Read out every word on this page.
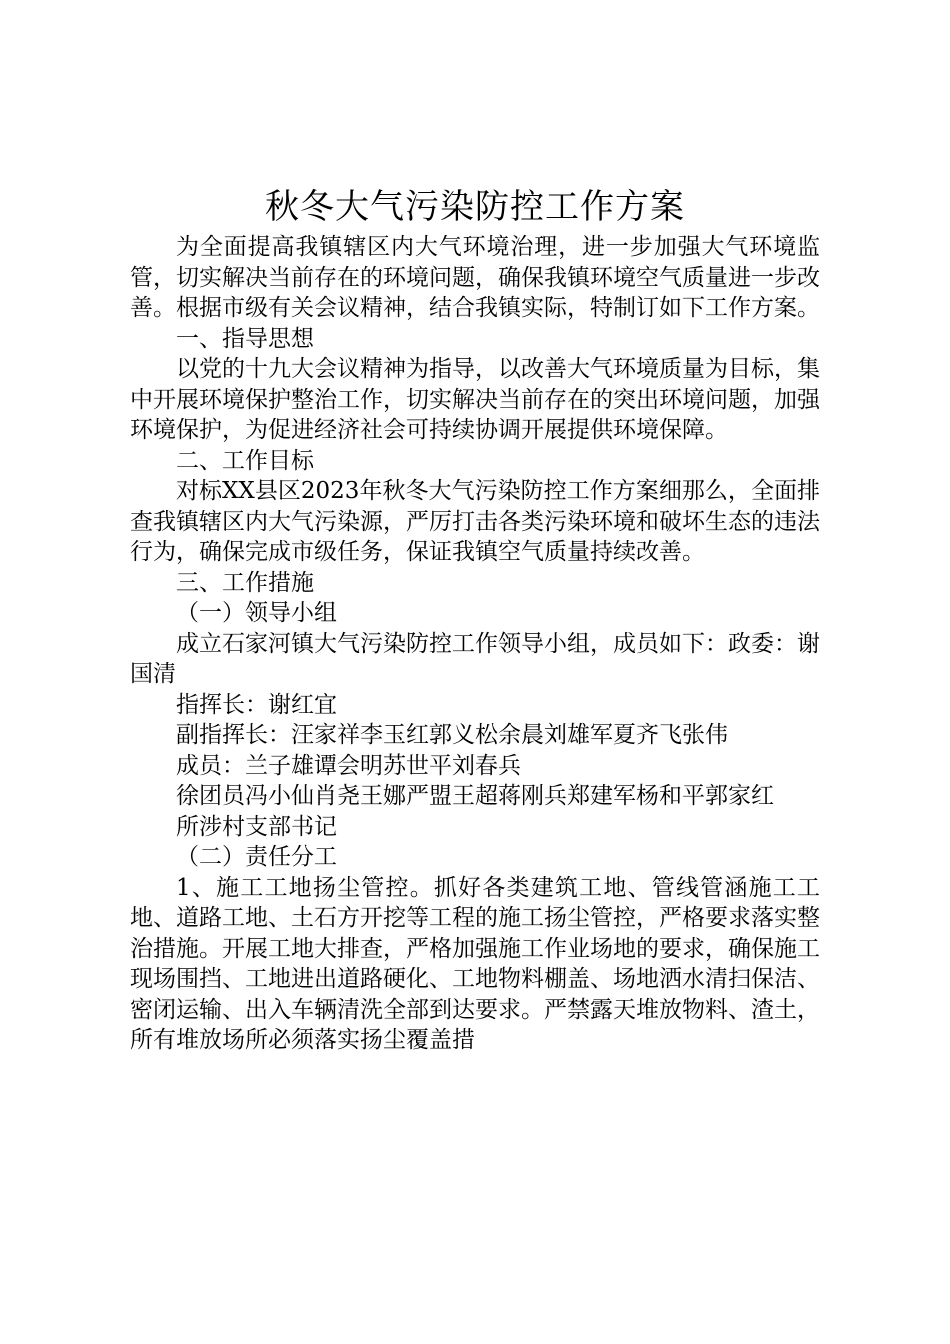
秋冬大气污染防控工作方案

为全面提高我镇辖区内大气环境治理，进一步加强大气环境监管，切实解决当前存在的环境问题，确保我镇环境空气质量进一步改善。根据市级有关会议精神，结合我镇实际，特制订如下工作方案。

一、指导思想

以党的十九大会议精神为指导，以改善大气环境质量为目标，集中开展环境保护整治工作，切实解决当前存在的突出环境问题，加强环境保护，为促进经济社会可持续协调开展提供环境保障。

二、工作目标

对标XX县区2023年秋冬大气污染防控工作方案细那么，全面排查我镇辖区内大气污染源，严厉打击各类污染环境和破坏生态的违法行为，确保完成市级任务，保证我镇空气质量持续改善。

三、工作措施

（一）领导小组

成立石家河镇大气污染防控工作领导小组，成员如下：政委：谢国清

指挥长：谢红宜

副指挥长：汪家祥李玉红郭义松余晨刘雄军夏齐飞张伟

成员：兰子雄谭会明苏世平刘春兵

徐团员冯小仙肖尧王娜严盟王超蒋刚兵郑建军杨和平郭家红

所涉村支部书记

（二）责任分工

1、施工工地扬尘管控。抓好各类建筑工地、管线管涵施工工地、道路工地、土石方开挖等工程的施工扬尘管控，严格要求落实整治措施。开展工地大排查，严格加强施工作业场地的要求，确保施工现场围挡、工地进出道路硬化、工地物料棚盖、场地洒水清扫保洁、密闭运输、出入车辆清洗全部到达要求。严禁露天堆放物料、渣土，所有堆放场所必须落实扬尘覆盖措
